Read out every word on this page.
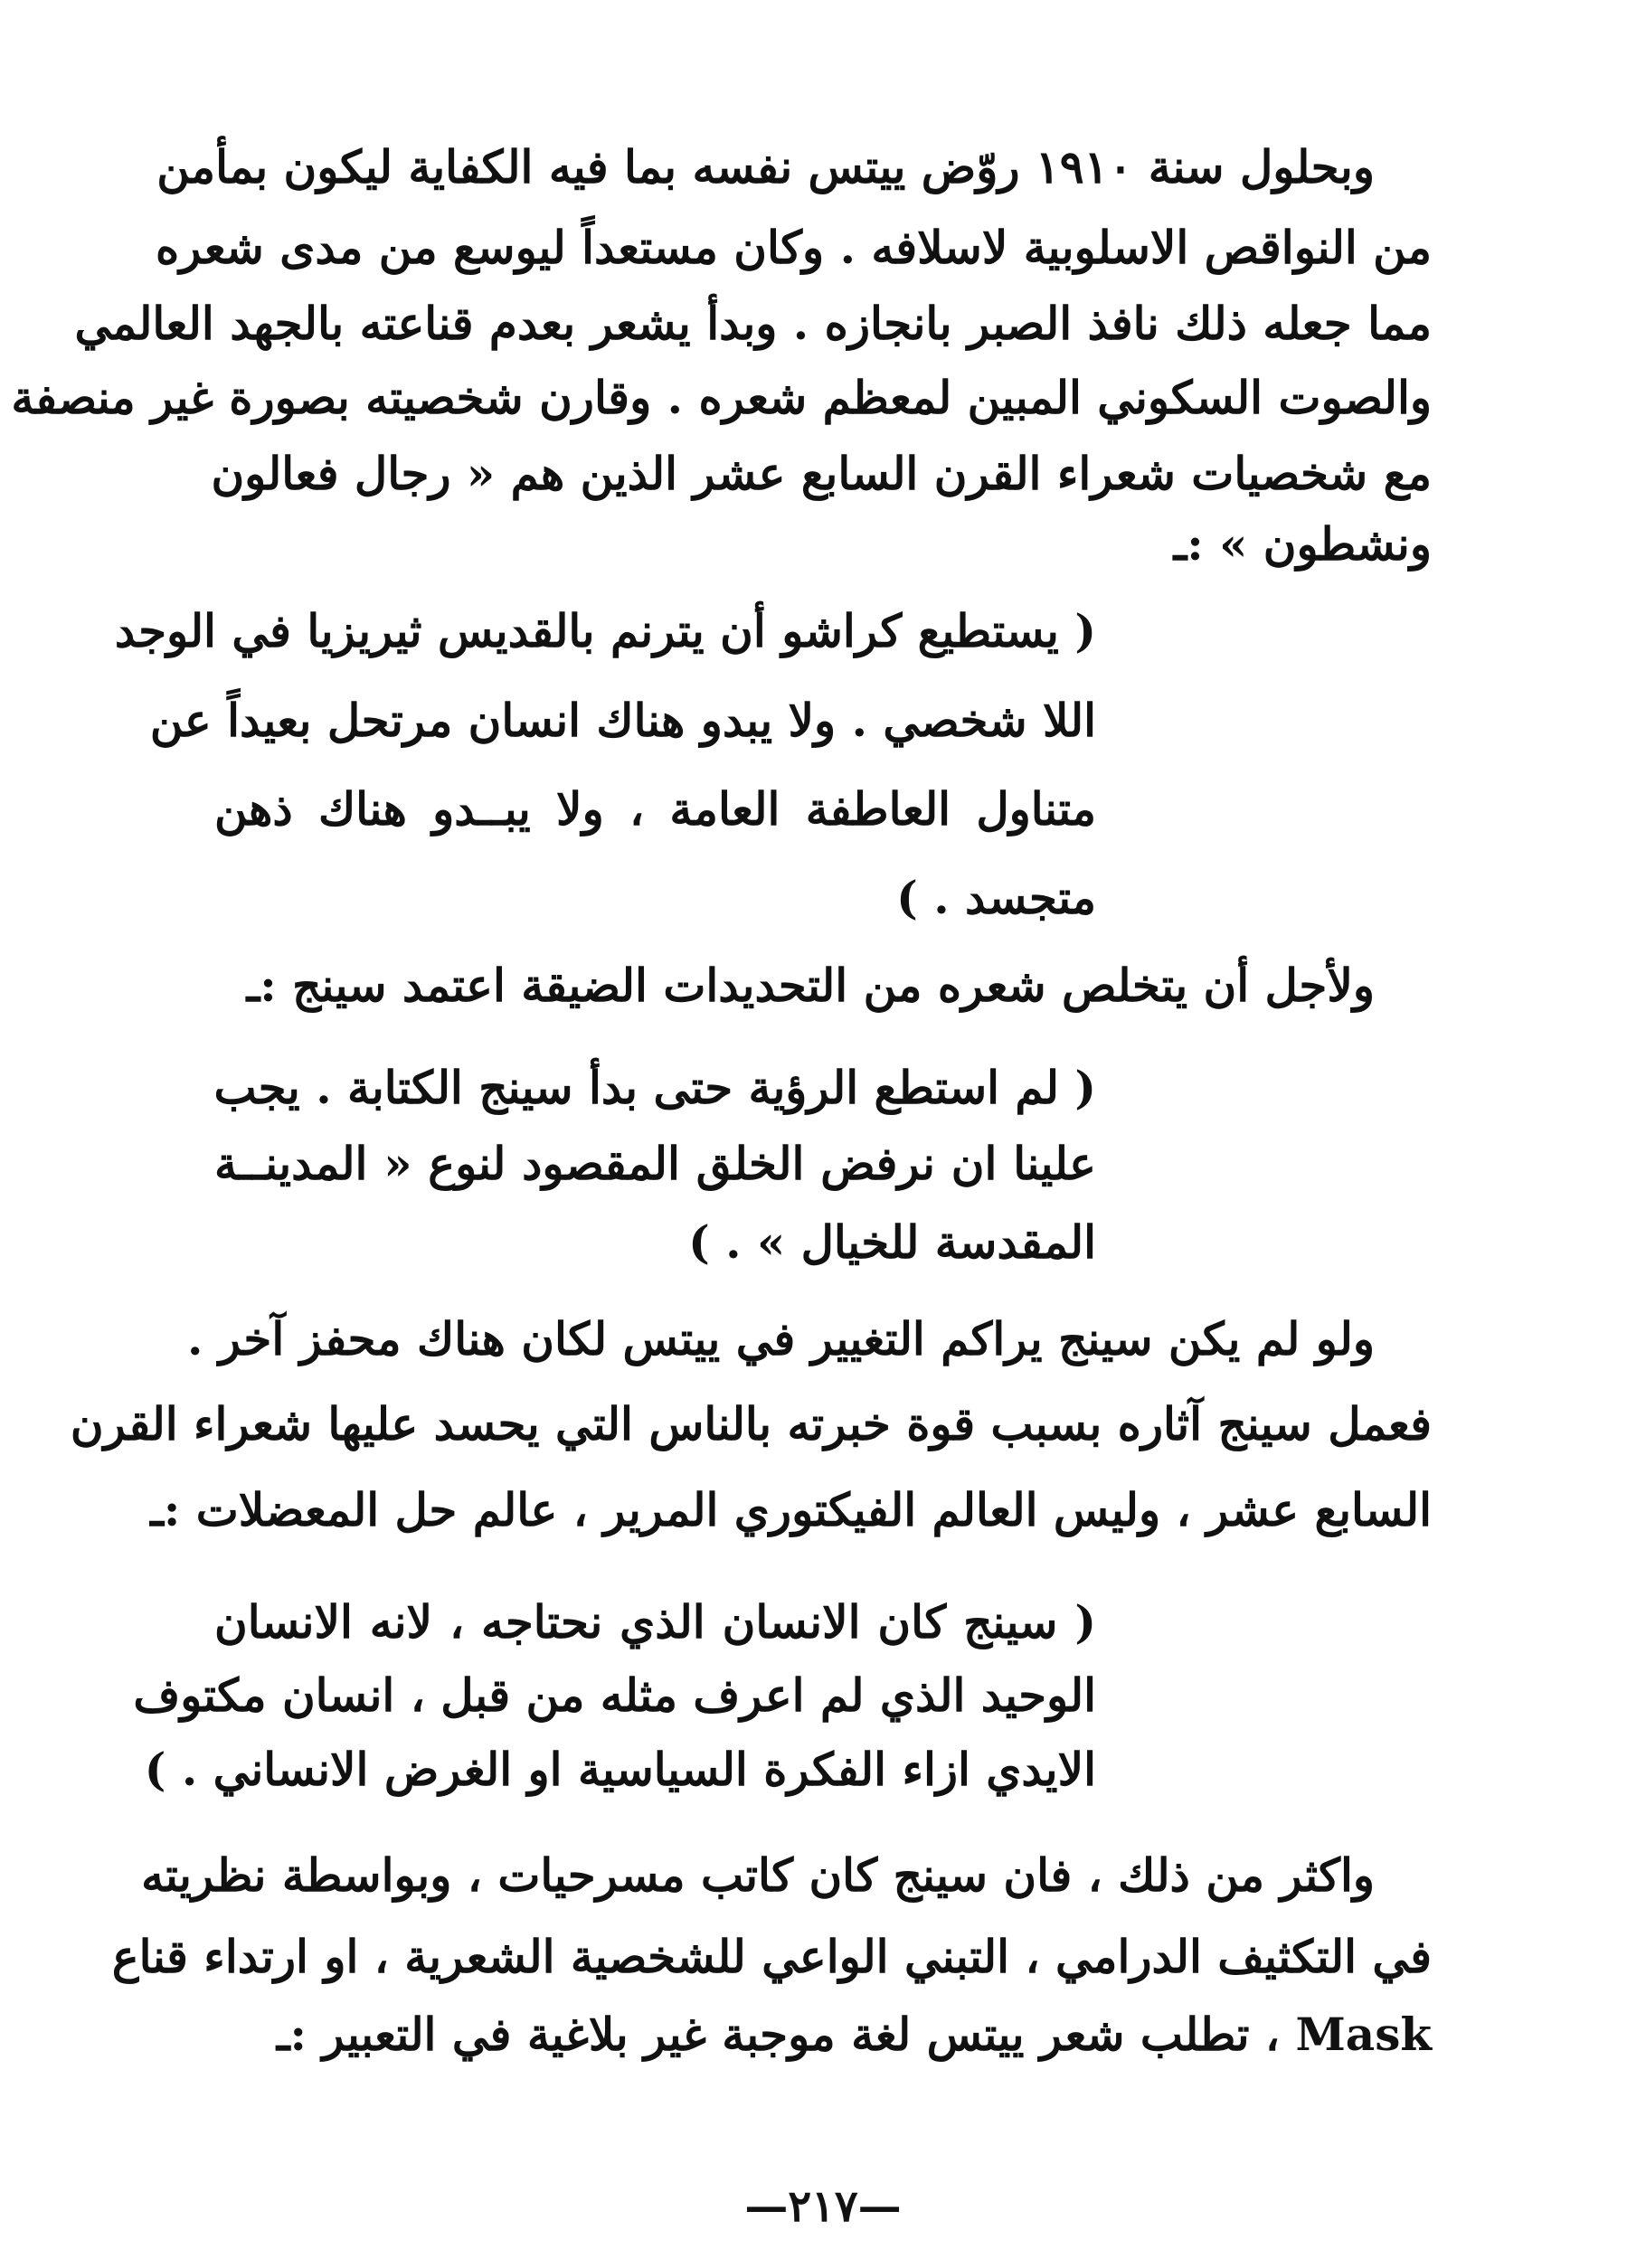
وبحلول سنة ١٩١٠ روّض ييتس نفسه بما فيه الكفاية ليكون بمأمن
من النواقص الاسلوبية لاسلافه . وكان مستعداً ليوسع من مدى شعره
مما جعله ذلك نافذ الصبر بانجازه . وبدأ يشعر بعدم قناعته بالجهد العالمي
والصوت السكوني المبين لمعظم شعره . وقارن شخصيته بصورة غير منصفة
مع شخصيات شعراء القرن السابع عشر الذين هم « رجال فعالون
ونشطون » :ـ
( يستطيع كراشو أن يترنم بالقديس ثيريزيا في الوجد
اللا شخصي . ولا يبدو هناك انسان مرتحل بعيداً عن
متناول العاطفة العامة ، ولا يبــدو هناك ذهن
متجسد . )
ولأجل أن يتخلص شعره من التحديدات الضيقة اعتمد سينج :ـ
( لم استطع الرؤية حتى بدأ سينج الكتابة . يجب
علينا ان نرفض الخلق المقصود لنوع « المدينــة
المقدسة للخيال » . )
ولو لم يكن سينج يراكم التغيير في ييتس لكان هناك محفز آخر .
فعمل سينج آثاره بسبب قوة خبرته بالناس التي يحسد عليها شعراء القرن
السابع عشر ، وليس العالم الفيكتوري المرير ، عالم حل المعضلات :ـ
( سينج كان الانسان الذي نحتاجه ، لانه الانسان
الوحيد الذي لم اعرف مثله من قبل ، انسان مكتوف
الايدي ازاء الفكرة السياسية او الغرض الانساني . )
واكثر من ذلك ، فان سينج كان كاتب مسرحيات ، وبواسطة نظريته
في التكثيف الدرامي ، التبني الواعي للشخصية الشعرية ، او ارتداء قناع
Mask ، تطلب شعر ييتس لغة موجبة غير بلاغية في التعبير :ـ
—٢١٧—
